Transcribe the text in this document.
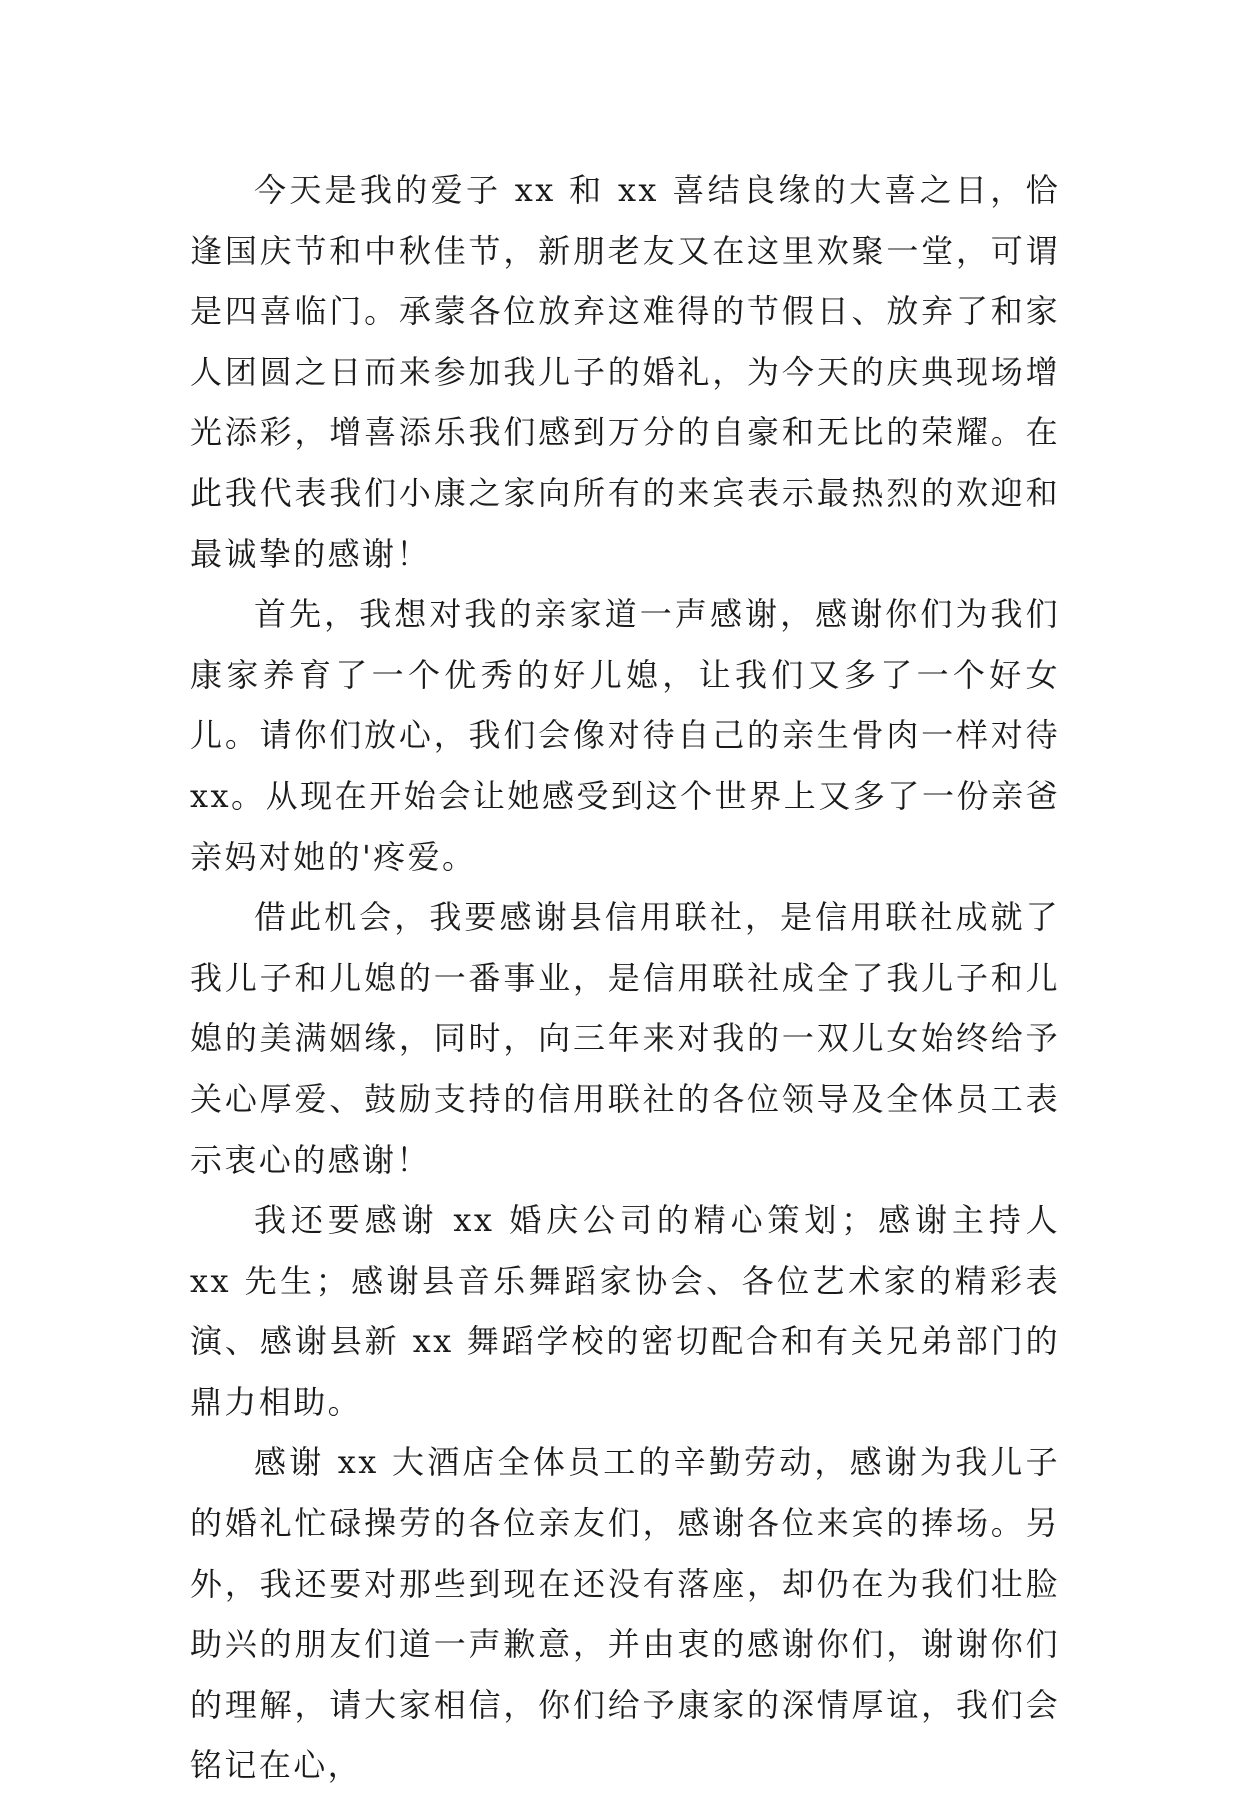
今天是我的爱子 xx 和 xx 喜结良缘的大喜之日，恰逢国庆节和中秋佳节，新朋老友又在这里欢聚一堂，可谓是四喜临门。承蒙各位放弃这难得的节假日、放弃了和家人团圆之日而来参加我儿子的婚礼，为今天的庆典现场增光添彩，增喜添乐我们感到万分的自豪和无比的荣耀。在此我代表我们小康之家向所有的来宾表示最热烈的欢迎和最诚挚的感谢！

首先，我想对我的亲家道一声感谢，感谢你们为我们康家养育了一个优秀的好儿媳，让我们又多了一个好女儿。请你们放心，我们会像对待自己的亲生骨肉一样对待 xx。从现在开始会让她感受到这个世界上又多了一份亲爸亲妈对她的'疼爱。

借此机会，我要感谢县信用联社，是信用联社成就了我儿子和儿媳的一番事业，是信用联社成全了我儿子和儿媳的美满姻缘，同时，向三年来对我的一双儿女始终给予关心厚爱、鼓励支持的信用联社的各位领导及全体员工表示衷心的感谢！

我还要感谢 xx 婚庆公司的精心策划；感谢主持人 xx 先生；感谢县音乐舞蹈家协会、各位艺术家的精彩表演、感谢县新 xx 舞蹈学校的密切配合和有关兄弟部门的鼎力相助。

感谢 xx 大酒店全体员工的辛勤劳动，感谢为我儿子的婚礼忙碌操劳的各位亲友们，感谢各位来宾的捧场。另外，我还要对那些到现在还没有落座，却仍在为我们壮脸助兴的朋友们道一声歉意，并由衷的感谢你们，谢谢你们的理解，请大家相信，你们给予康家的深情厚谊，我们会铭记在心，
